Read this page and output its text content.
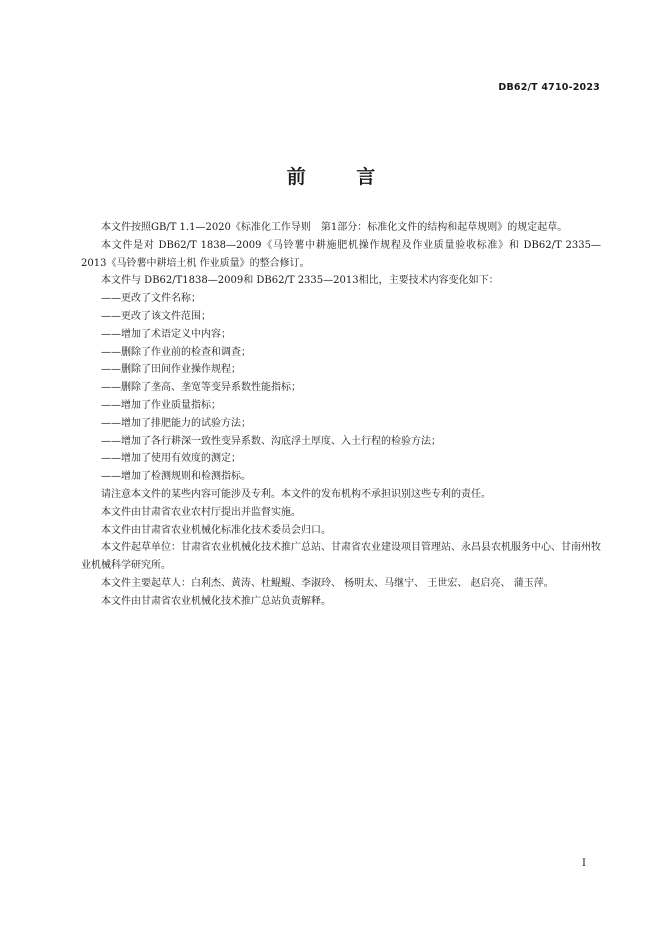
DB62/T 4710-2023
前 言

本文件按照GB/T 1.1—2020《标准化工作导则　第1部分：标准化文件的结构和起草规则》的规定起草。

本文件是对 DB62/T 1838—2009《马铃薯中耕施肥机操作规程及作业质量验收标准》和 DB62/T 2335—2013《马铃薯中耕培土机 作业质量》的整合修订。

本文件与 DB62/T1838—2009和 DB62/T 2335—2013相比，主要技术内容变化如下：

——更改了文件名称；

——更改了该文件范围；

——增加了术语定义中内容；

——删除了作业前的检查和调查；

——删除了田间作业操作规程；

——删除了垄高、垄宽等变异系数性能指标；

——增加了作业质量指标；

——增加了排肥能力的试验方法；

——增加了各行耕深一致性变异系数、沟底浮土厚度、入土行程的检验方法；

——增加了使用有效度的测定；

——增加了检测规则和检测指标。

请注意本文件的某些内容可能涉及专利。本文件的发布机构不承担识别这些专利的责任。

本文件由甘肃省农业农村厅提出并监督实施。

本文件由甘肃省农业机械化标准化技术委员会归口。

本文件起草单位：甘肃省农业机械化技术推广总站、甘肃省农业建设项目管理站、永昌县农机服务中心、甘南州牧业机械科学研究所。

本文件主要起草人：白利杰、黄涛、杜鲲鲲、李淑玲、 杨明太、马继宁、 王世宏、 赵启亮、 蒲玉萍。

本文件由甘肃省农业机械化技术推广总站负责解释。

I
